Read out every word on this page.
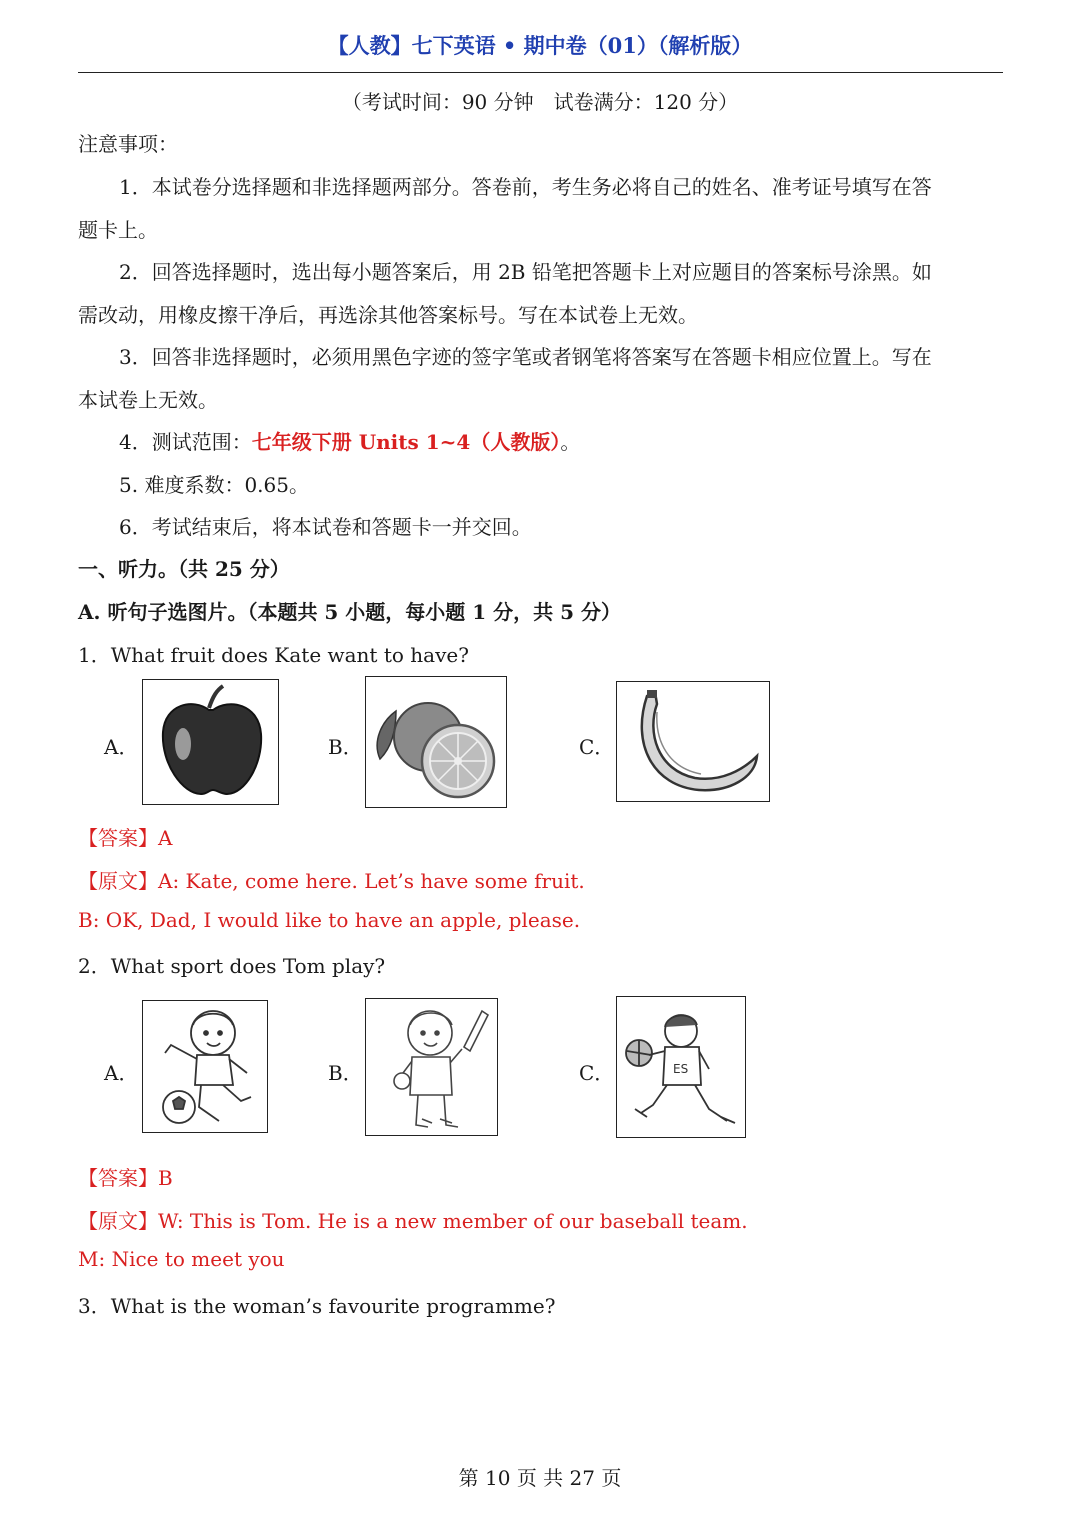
【人教】七下英语 • 期中卷（01）（解析版）
（考试时间：90 分钟　试卷满分：120 分）
注意事项：
1．本试卷分选择题和非选择题两部分。答卷前，考生务必将自己的姓名、准考证号填写在答
题卡上。
2．回答选择题时，选出每小题答案后，用 2B 铅笔把答题卡上对应题目的答案标号涂黑。如
需改动，用橡皮擦干净后，再选涂其他答案标号。写在本试卷上无效。
3．回答非选择题时，必须用黑色字迹的签字笔或者钢笔将答案写在答题卡相应位置上。写在
本试卷上无效。
4．测试范围：七年级下册 Units 1~4（人教版）。
5. 难度系数：0.65。
6．考试结束后，将本试卷和答题卡一并交回。
一、听力。（共 25 分）
A. 听句子选图片。（本题共 5 小题，每小题 1 分，共 5 分）
1．What fruit does Kate want to have?
A．	B．	C．
【答案】A
【原文】A: Kate, come here. Let’s have some fruit.
B: OK, Dad, I would like to have an apple, please.
2．What sport does Tom play?
A．	B．	C．	ES
【答案】B
【原文】W: This is Tom. He is a new member of our baseball team.
M: Nice to meet you
3．What is the woman’s favourite programme?
第 10 页 共 27 页
